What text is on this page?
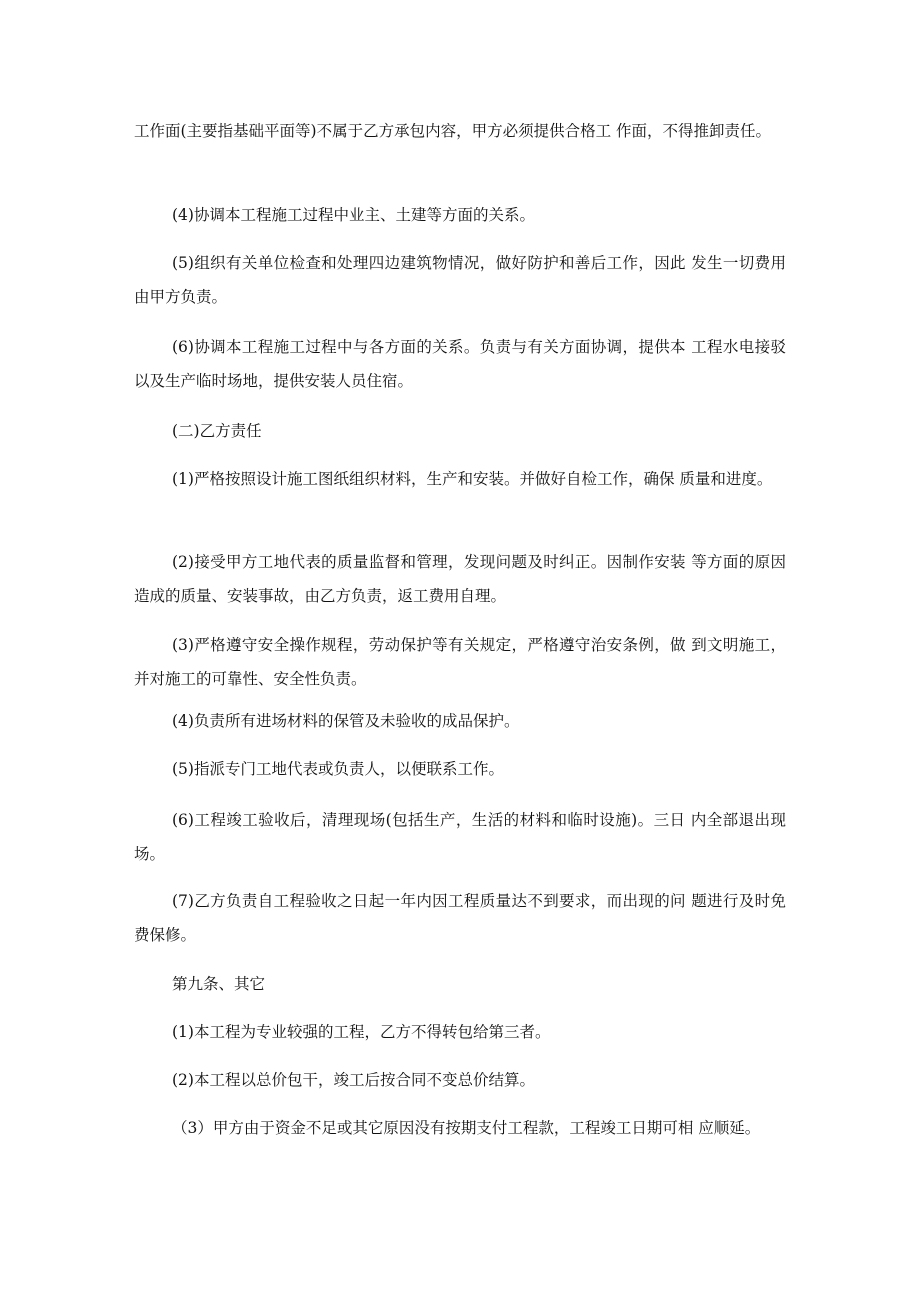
工作面(主要指基础平面等)不属于乙方承包内容，甲方必须提供合格工 作面，不得推卸责任。

(4)协调本工程施工过程中业主、土建等方面的关系。

(5)组织有关单位检查和处理四边建筑物情况，做好防护和善后工作，因此 发生一切费用由甲方负责。

(6)协调本工程施工过程中与各方面的关系。负责与有关方面协调，提供本 工程水电接驳以及生产临时场地，提供安装人员住宿。

(二)乙方责任

(1)严格按照设计施工图纸组织材料，生产和安装。并做好自检工作，确保 质量和进度。

(2)接受甲方工地代表的质量监督和管理，发现问题及时纠正。因制作安装 等方面的原因造成的质量、安装事故，由乙方负责，返工费用自理。

(3)严格遵守安全操作规程，劳动保护等有关规定，严格遵守治安条例，做 到文明施工，并对施工的可靠性、安全性负责。

(4)负责所有进场材料的保管及未验收的成品保护。

(5)指派专门工地代表或负责人，以便联系工作。

(6)工程竣工验收后，清理现场(包括生产，生活的材料和临时设施)。三日 内全部退出现场。

(7)乙方负责自工程验收之日起一年内因工程质量达不到要求，而出现的问 题进行及时免费保修。

第九条、其它

(1)本工程为专业较强的工程，乙方不得转包给第三者。

(2)本工程以总价包干，竣工后按合同不变总价结算。

（3）甲方由于资金不足或其它原因没有按期支付工程款，工程竣工日期可相 应顺延。
